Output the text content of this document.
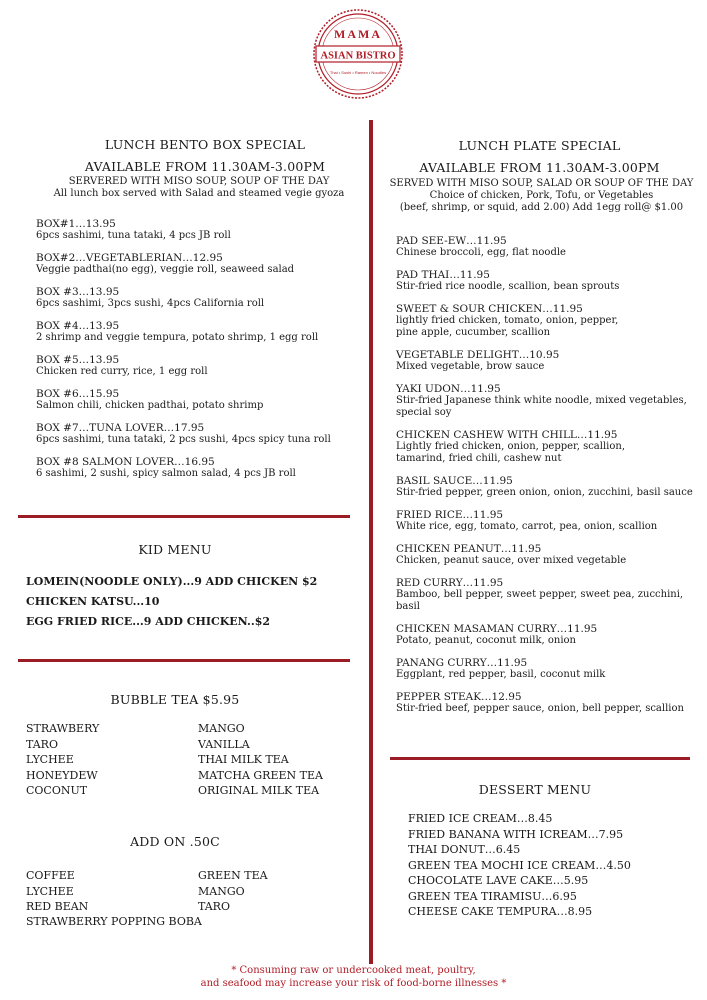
MAMA
ASIAN BISTRO
Thai • Sushi • Ramen • Noodles
LUNCH BENTO BOX SPECIAL
AVAILABLE FROM 11.30AM-3.00PM
SERVERED WITH MISO SOUP, SOUP OF THE DAY
All lunch box served with Salad and steamed vegie gyoza
BOX#1…13.95
6pcs sashimi, tuna tataki, 4 pcs JB roll
BOX#2…VEGETABLERIAN…12.95
Veggie padthai(no egg), veggie roll, seaweed salad
BOX #3…13.95
6pcs sashimi, 3pcs sushi, 4pcs California roll
BOX #4…13.95
2 shrimp and veggie tempura, potato shrimp, 1 egg roll
BOX #5…13.95
Chicken red curry, rice, 1 egg roll
BOX #6…15.95
Salmon chili, chicken padthai, potato shrimp
BOX #7…TUNA LOVER…17.95
6pcs sashimi, tuna tataki, 2 pcs sushi, 4pcs spicy tuna roll
BOX #8 SALMON LOVER…16.95
6 sashimi, 2 sushi, spicy salmon salad, 4 pcs JB roll
KID MENU
LOMEIN(NOODLE ONLY)...9 ADD CHICKEN $2
CHICKEN KATSU...10
EGG FRIED RICE...9 ADD CHICKEN..$2
BUBBLE TEA $5.95
STRAWBERY	MANGO
TARO	VANILLA
LYCHEE	THAI MILK TEA
HONEYDEW	MATCHA GREEN TEA
COCONUT	ORIGINAL MILK TEA
ADD ON .50C
COFFEE	GREEN TEA
LYCHEE	MANGO
RED BEAN	TARO
STRAWBERRY POPPING BOBA
LUNCH PLATE SPECIAL
AVAILABLE FROM 11.30AM-3.00PM
SERVED WITH MISO SOUP, SALAD OR SOUP OF THE DAY
Choice of chicken, Pork, Tofu, or Vegetables
(beef, shrimp, or squid, add 2.00) Add 1egg roll@ $1.00
PAD SEE-EW…11.95
Chinese broccoli, egg, flat noodle
PAD THAI…11.95
Stir-fried rice noodle, scallion, bean sprouts
SWEET & SOUR CHICKEN…11.95
lightly fried chicken, tomato, onion, pepper, pine apple, cucumber, scallion
VEGETABLE DELIGHT…10.95
Mixed vegetable, brow sauce
YAKI UDON…11.95
Stir-fried Japanese think white noodle, mixed vegetables, special soy
CHICKEN CASHEW WITH CHILL…11.95
Lightly fried chicken, onion, pepper, scallion, tamarind, fried chili, cashew nut
BASIL SAUCE…11.95
Stir-fried pepper, green onion, onion, zucchini, basil sauce
FRIED RICE…11.95
White rice, egg, tomato, carrot, pea, onion, scallion
CHICKEN PEANUT…11.95
Chicken, peanut sauce, over mixed vegetable
RED CURRY…11.95
Bamboo, bell pepper, sweet pepper, sweet pea, zucchini, basil
CHICKEN MASAMAN CURRY…11.95
Potato, peanut, coconut milk, onion
PANANG CURRY…11.95
Eggplant, red pepper, basil, coconut milk
PEPPER STEAK…12.95
Stir-fried beef, pepper sauce, onion, bell pepper, scallion
DESSERT MENU
FRIED ICE CREAM…8.45
FRIED BANANA WITH ICREAM…7.95
THAI DONUT…6.45
GREEN TEA MOCHI ICE CREAM…4.50
CHOCOLATE LAVE CAKE…5.95
GREEN TEA TIRAMISU…6.95
CHEESE CAKE TEMPURA…8.95
* Consuming raw or undercooked meat, poultry,
and seafood may increase your risk of food-borne illnesses *
